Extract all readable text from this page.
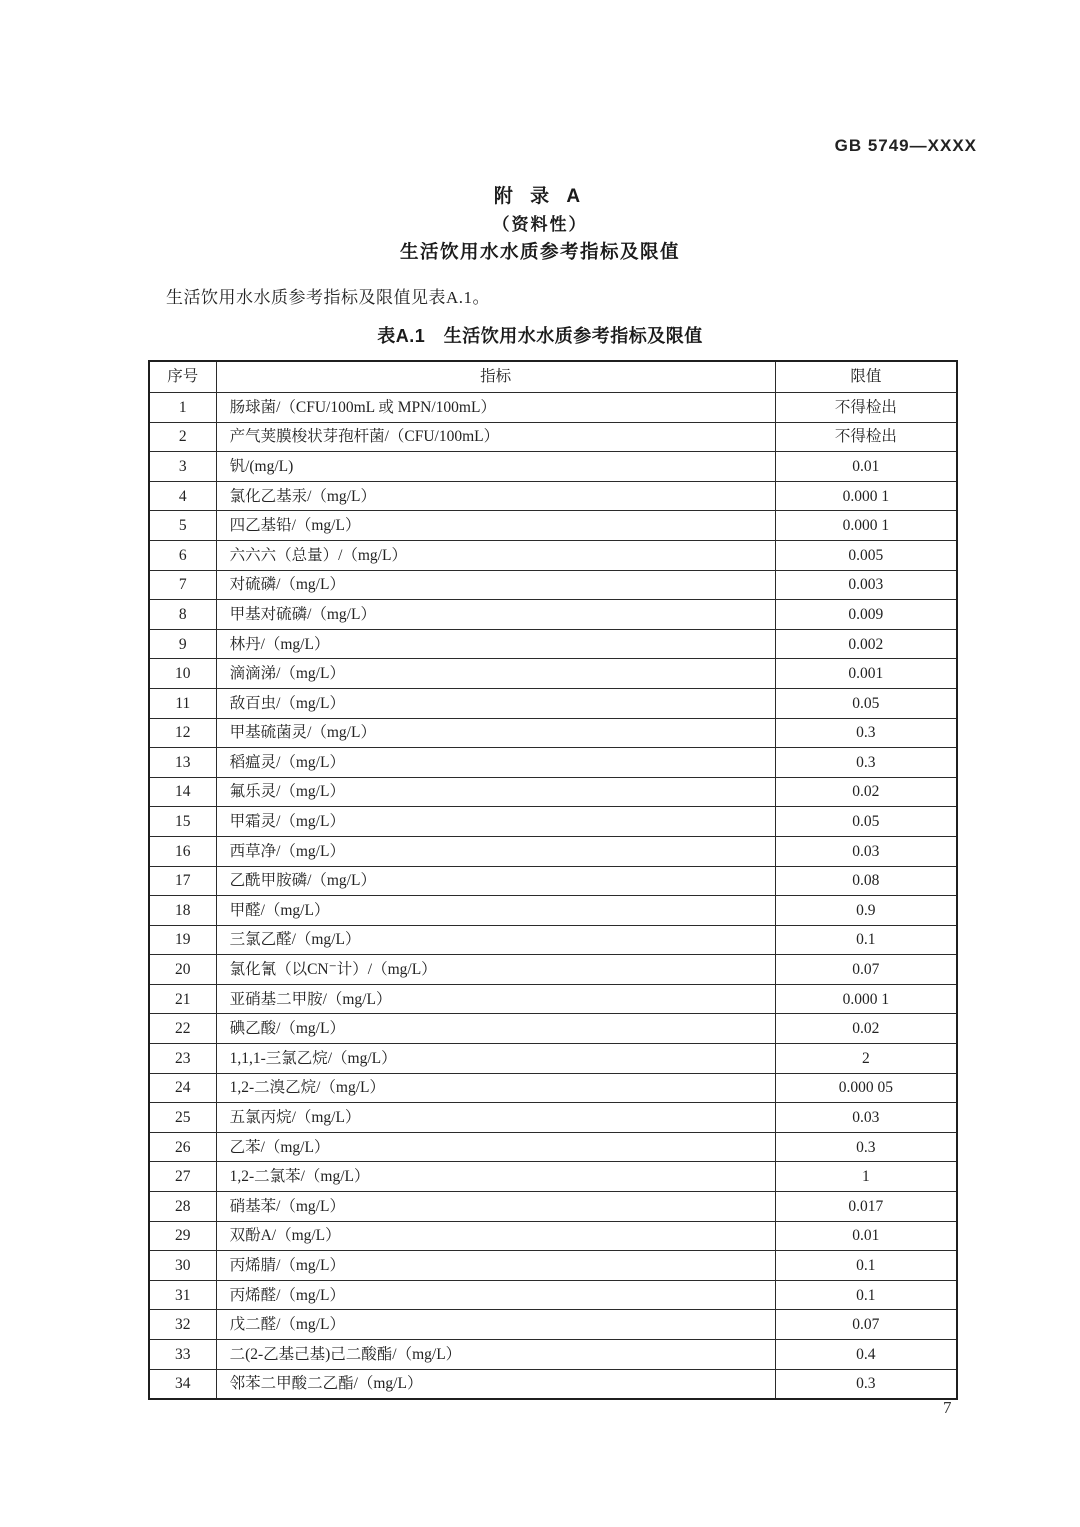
GB 5749—XXXX
附 录 A
（资料性）
生活饮用水水质参考指标及限值
生活饮用水水质参考指标及限值见表A.1。
表A.1　生活饮用水水质参考指标及限值
序号	指标	限值
1	肠球菌/（CFU/100mL 或 MPN/100mL）	不得检出
2	产气荚膜梭状芽孢杆菌/（CFU/100mL）	不得检出
3	钒/(mg/L)	0.01
4	氯化乙基汞/（mg/L）	0.000 1
5	四乙基铅/（mg/L）	0.000 1
6	六六六（总量）/（mg/L）	0.005
7	对硫磷/（mg/L）	0.003
8	甲基对硫磷/（mg/L）	0.009
9	林丹/（mg/L）	0.002
10	滴滴涕/（mg/L）	0.001
11	敌百虫/（mg/L）	0.05
12	甲基硫菌灵/（mg/L）	0.3
13	稻瘟灵/（mg/L）	0.3
14	氟乐灵/（mg/L）	0.02
15	甲霜灵/（mg/L）	0.05
16	西草净/（mg/L）	0.03
17	乙酰甲胺磷/（mg/L）	0.08
18	甲醛/（mg/L）	0.9
19	三氯乙醛/（mg/L）	0.1
20	氯化氰（以CN⁻计）/（mg/L）	0.07
21	亚硝基二甲胺/（mg/L）	0.000 1
22	碘乙酸/（mg/L）	0.02
23	1,1,1-三氯乙烷/（mg/L）	2
24	1,2-二溴乙烷/（mg/L）	0.000 05
25	五氯丙烷/（mg/L）	0.03
26	乙苯/（mg/L）	0.3
27	1,2-二氯苯/（mg/L）	1
28	硝基苯/（mg/L）	0.017
29	双酚A/（mg/L）	0.01
30	丙烯腈/（mg/L）	0.1
31	丙烯醛/（mg/L）	0.1
32	戊二醛/（mg/L）	0.07
33	二(2-乙基己基)己二酸酯/（mg/L）	0.4
34	邻苯二甲酸二乙酯/（mg/L）	0.3
7
